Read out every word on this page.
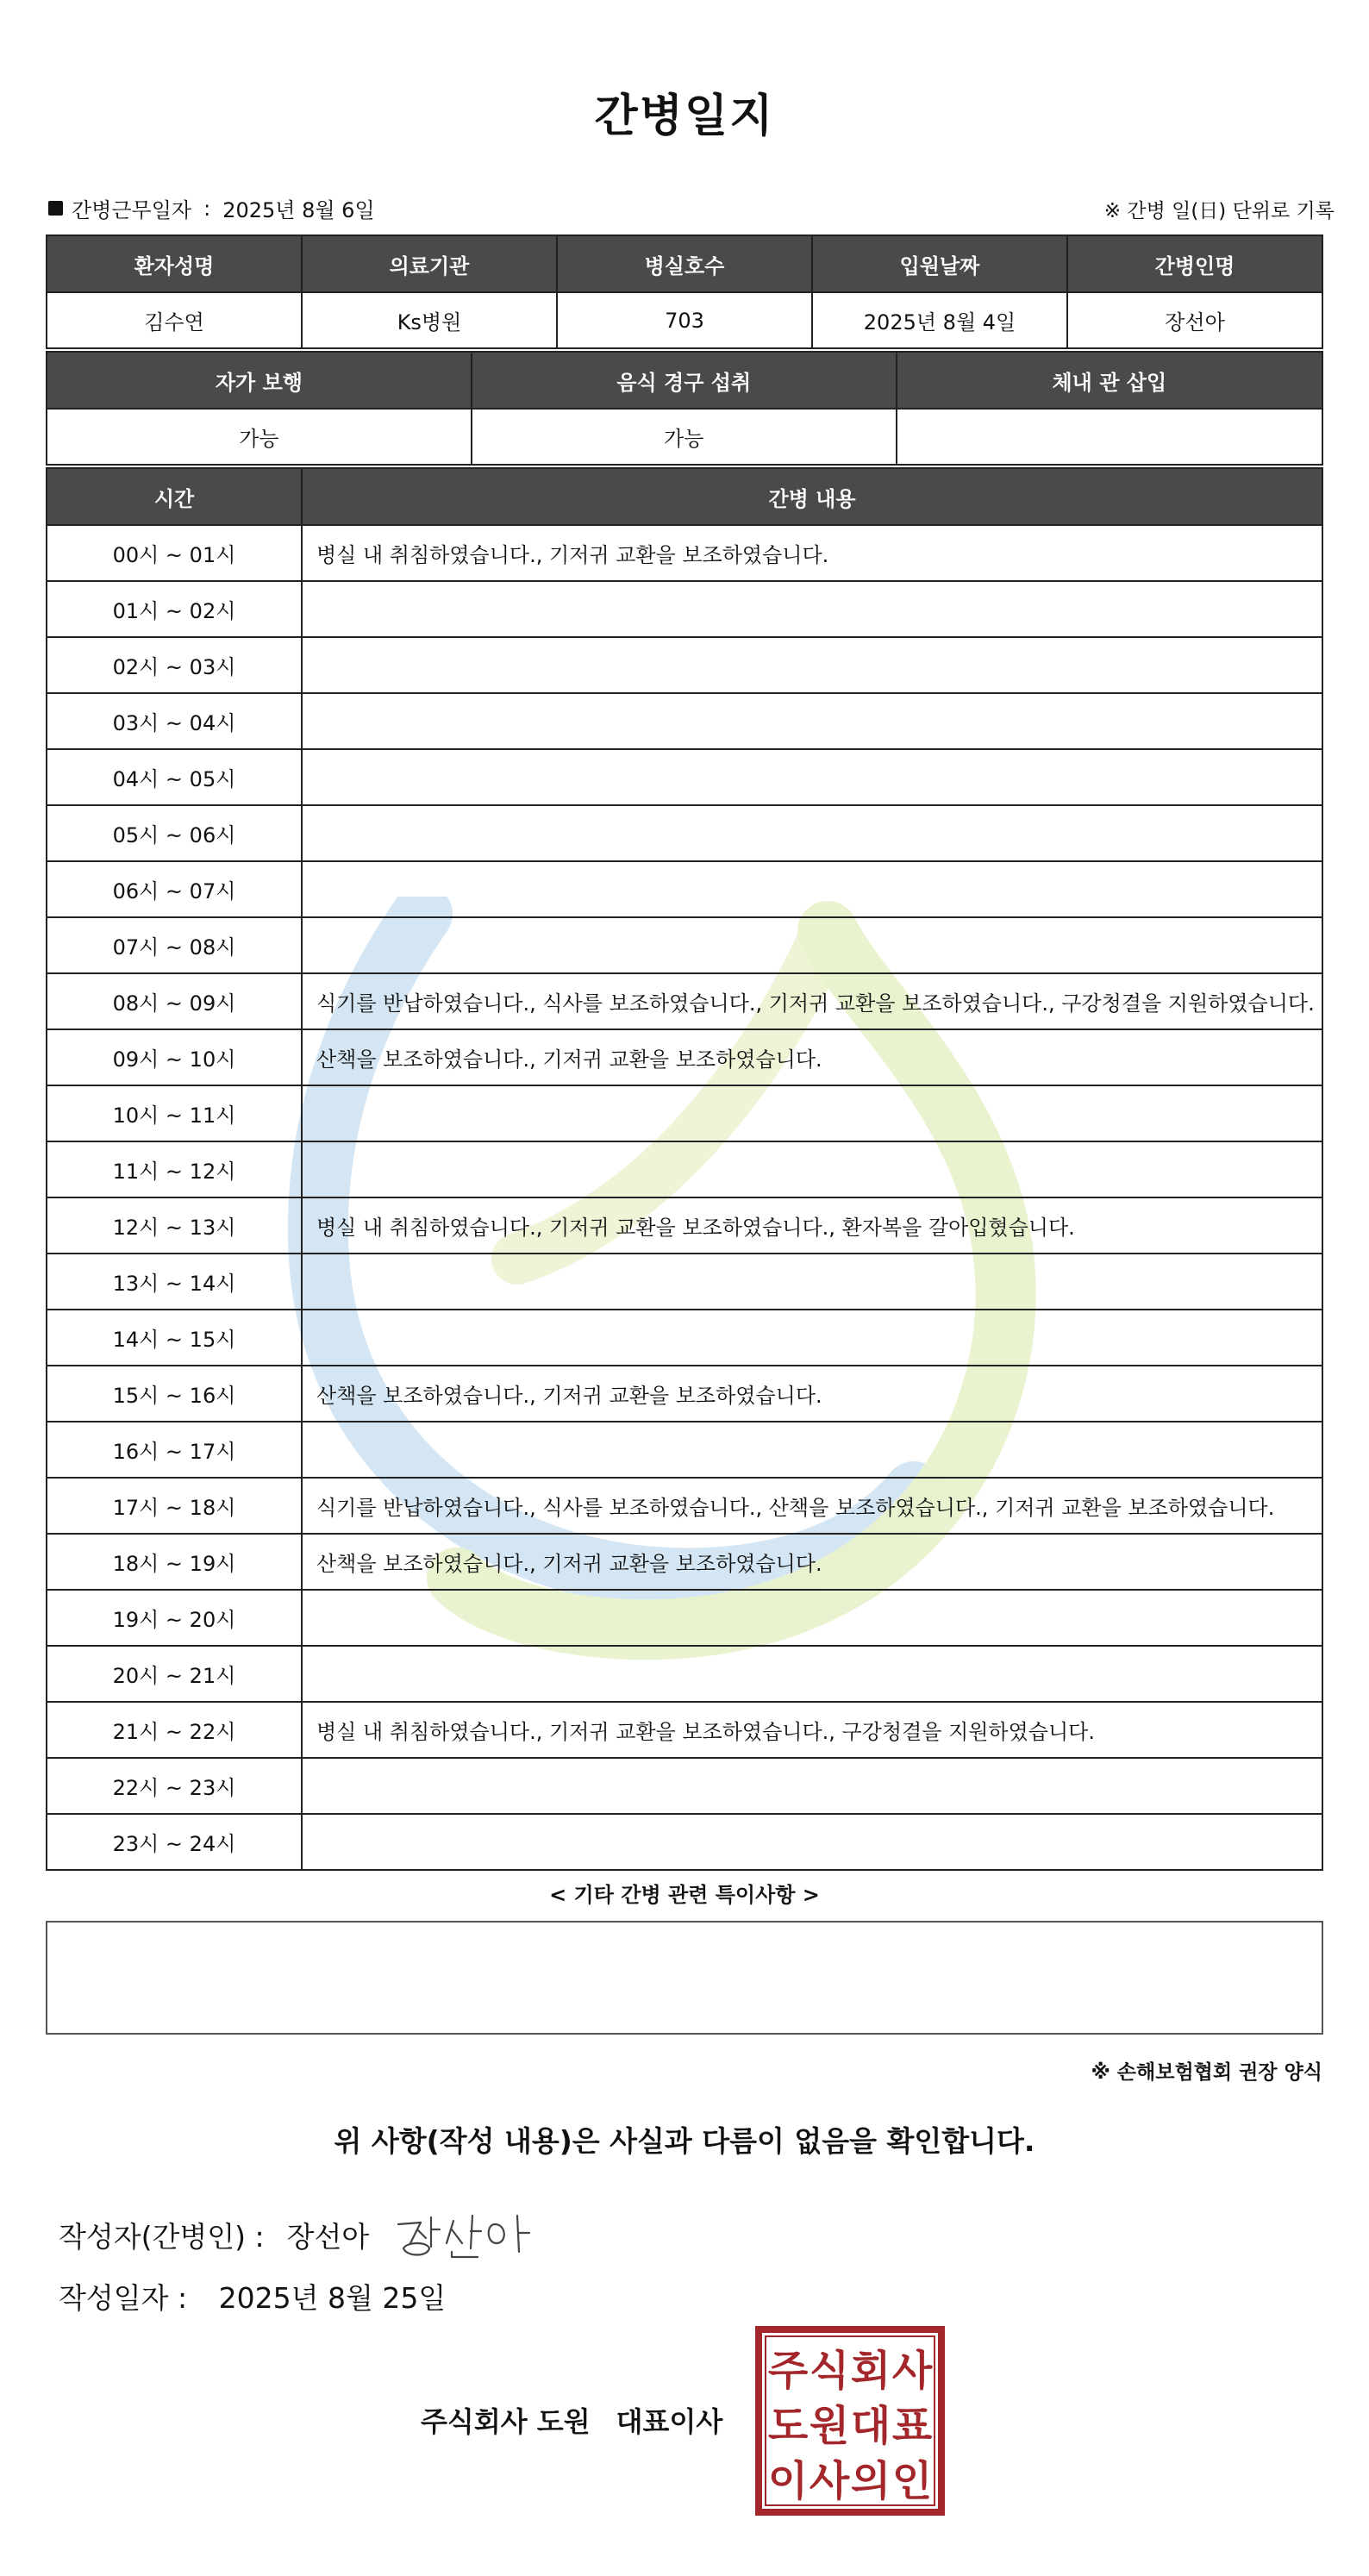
간병일지
간병근무일자 : 2025년 8월 6일	※ 간병 일(日) 단위로 기록
환자성명	의료기관	병실호수	입원날짜	간병인명
김수연	Ks병원	703	2025년 8월 4일	장선아
자가 보행	음식 경구 섭취	체내 관 삽입
가능	가능	
시간	간병 내용
00시 ~ 01시	병실 내 취침하였습니다., 기저귀 교환을 보조하였습니다.
01시 ~ 02시	
02시 ~ 03시	
03시 ~ 04시	
04시 ~ 05시	
05시 ~ 06시	
06시 ~ 07시	
07시 ~ 08시	
08시 ~ 09시	식기를 반납하였습니다., 식사를 보조하였습니다., 기저귀 교환을 보조하였습니다., 구강청결을 지원하였습니다.
09시 ~ 10시	산책을 보조하였습니다., 기저귀 교환을 보조하였습니다.
10시 ~ 11시	
11시 ~ 12시	
12시 ~ 13시	병실 내 취침하였습니다., 기저귀 교환을 보조하였습니다., 환자복을 갈아입혔습니다.
13시 ~ 14시	
14시 ~ 15시	
15시 ~ 16시	산책을 보조하였습니다., 기저귀 교환을 보조하였습니다.
16시 ~ 17시	
17시 ~ 18시	식기를 반납하였습니다., 식사를 보조하였습니다., 산책을 보조하였습니다., 기저귀 교환을 보조하였습니다.
18시 ~ 19시	산책을 보조하였습니다., 기저귀 교환을 보조하였습니다.
19시 ~ 20시	
20시 ~ 21시	
21시 ~ 22시	병실 내 취침하였습니다., 기저귀 교환을 보조하였습니다., 구강청결을 지원하였습니다.
22시 ~ 23시	
23시 ~ 24시	
< 기타 간병 관련 특이사항 >
※ 손해보험협회 권장 양식
위 사항(작성 내용)은 사실과 다름이 없음을 확인합니다.
작성자(간병인) : 장선아
작성일자 : 2025년 8월 25일
주식회사 도원 대표이사
주 식 회 사
도 원 대 표
이 사 의 인
